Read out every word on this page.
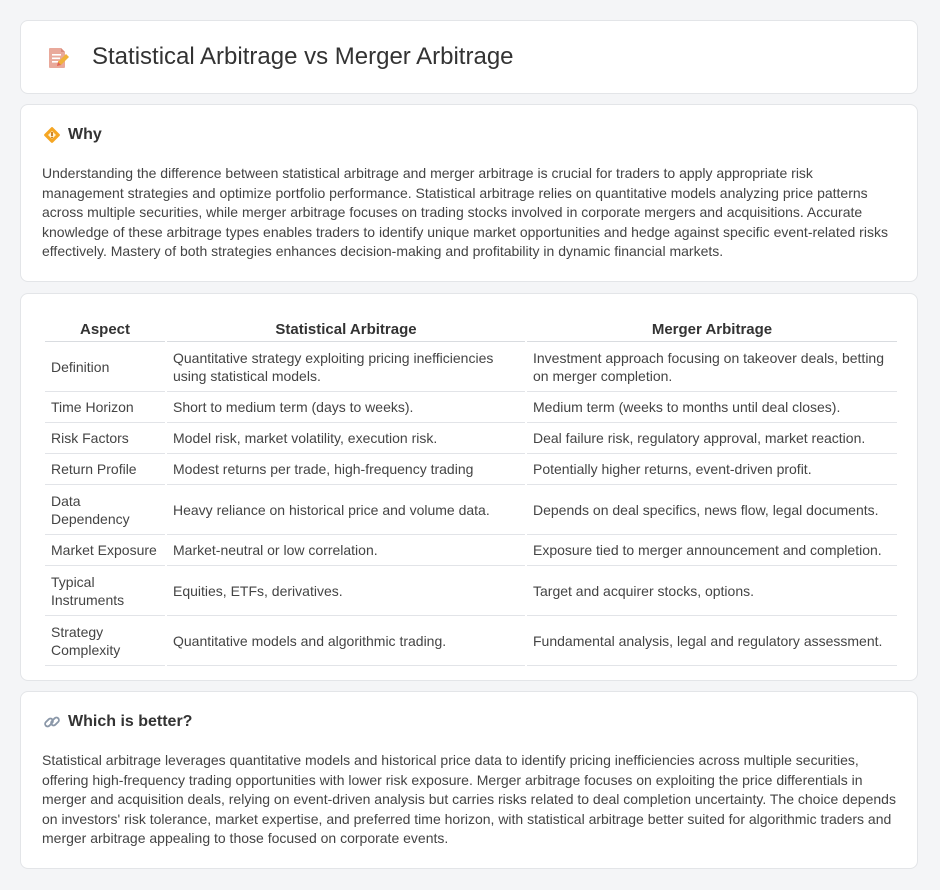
Statistical Arbitrage vs Merger Arbitrage
Why

Understanding the difference between statistical arbitrage and merger arbitrage is crucial for traders to apply appropriate risk management strategies and optimize portfolio performance. Statistical arbitrage relies on quantitative models analyzing price patterns across multiple securities, while merger arbitrage focuses on trading stocks involved in corporate mergers and acquisitions. Accurate knowledge of these arbitrage types enables traders to identify unique market opportunities and hedge against specific event-related risks effectively. Mastery of both strategies enhances decision-making and profitability in dynamic financial markets.

Aspect	Statistical Arbitrage	Merger Arbitrage
Definition	Quantitative strategy exploiting pricing inefficiencies using statistical models.	Investment approach focusing on takeover deals, betting on merger completion.
Time Horizon	Short to medium term (days to weeks).	Medium term (weeks to months until deal closes).
Risk Factors	Model risk, market volatility, execution risk.	Deal failure risk, regulatory approval, market reaction.
Return Profile	Modest returns per trade, high-frequency trading	Potentially higher returns, event-driven profit.
Data Dependency	Heavy reliance on historical price and volume data.	Depends on deal specifics, news flow, legal documents.
Market Exposure	Market-neutral or low correlation.	Exposure tied to merger announcement and completion.
Typical Instruments	Equities, ETFs, derivatives.	Target and acquirer stocks, options.
Strategy Complexity	Quantitative models and algorithmic trading.	Fundamental analysis, legal and regulatory assessment.
Which is better?

Statistical arbitrage leverages quantitative models and historical price data to identify pricing inefficiencies across multiple securities, offering high-frequency trading opportunities with lower risk exposure. Merger arbitrage focuses on exploiting the price differentials in merger and acquisition deals, relying on event-driven analysis but carries risks related to deal completion uncertainty. The choice depends on investors' risk tolerance, market expertise, and preferred time horizon, with statistical arbitrage better suited for algorithmic traders and merger arbitrage appealing to those focused on corporate events.
